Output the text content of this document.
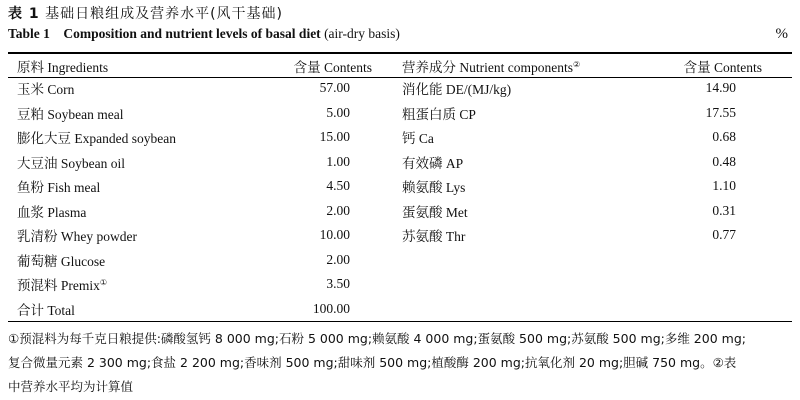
表 1 基础日粮组成及营养水平(风干基础)
Table 1 Composition and nutrient levels of basal diet (air-dry basis)	%
原料 Ingredients	含量 Contents	营养成分 Nutrient components②	含量 Contents
玉米 Corn	57.00	消化能 DE/(MJ/kg)	14.90
豆粕 Soybean meal	5.00	粗蛋白质 CP	17.55
膨化大豆 Expanded soybean	15.00	钙 Ca	0.68
大豆油 Soybean oil	1.00	有效磷 AP	0.48
鱼粉 Fish meal	4.50	赖氨酸 Lys	1.10
血浆 Plasma	2.00	蛋氨酸 Met	0.31
乳清粉 Whey powder	10.00	苏氨酸 Thr	0.77
葡萄糖 Glucose	2.00		
预混料 Premix①	3.50		
合计 Total	100.00		
①预混料为每千克日粮提供:磷酸氢钙 8 000 mg;石粉 5 000 mg;赖氨酸 4 000 mg;蛋氨酸 500 mg;苏氨酸 500 mg;多维 200 mg;
复合微量元素 2 300 mg;食盐 2 200 mg;香味剂 500 mg;甜味剂 500 mg;植酸酶 200 mg;抗氧化剂 20 mg;胆碱 750 mg。②表
中营养水平均为计算值
